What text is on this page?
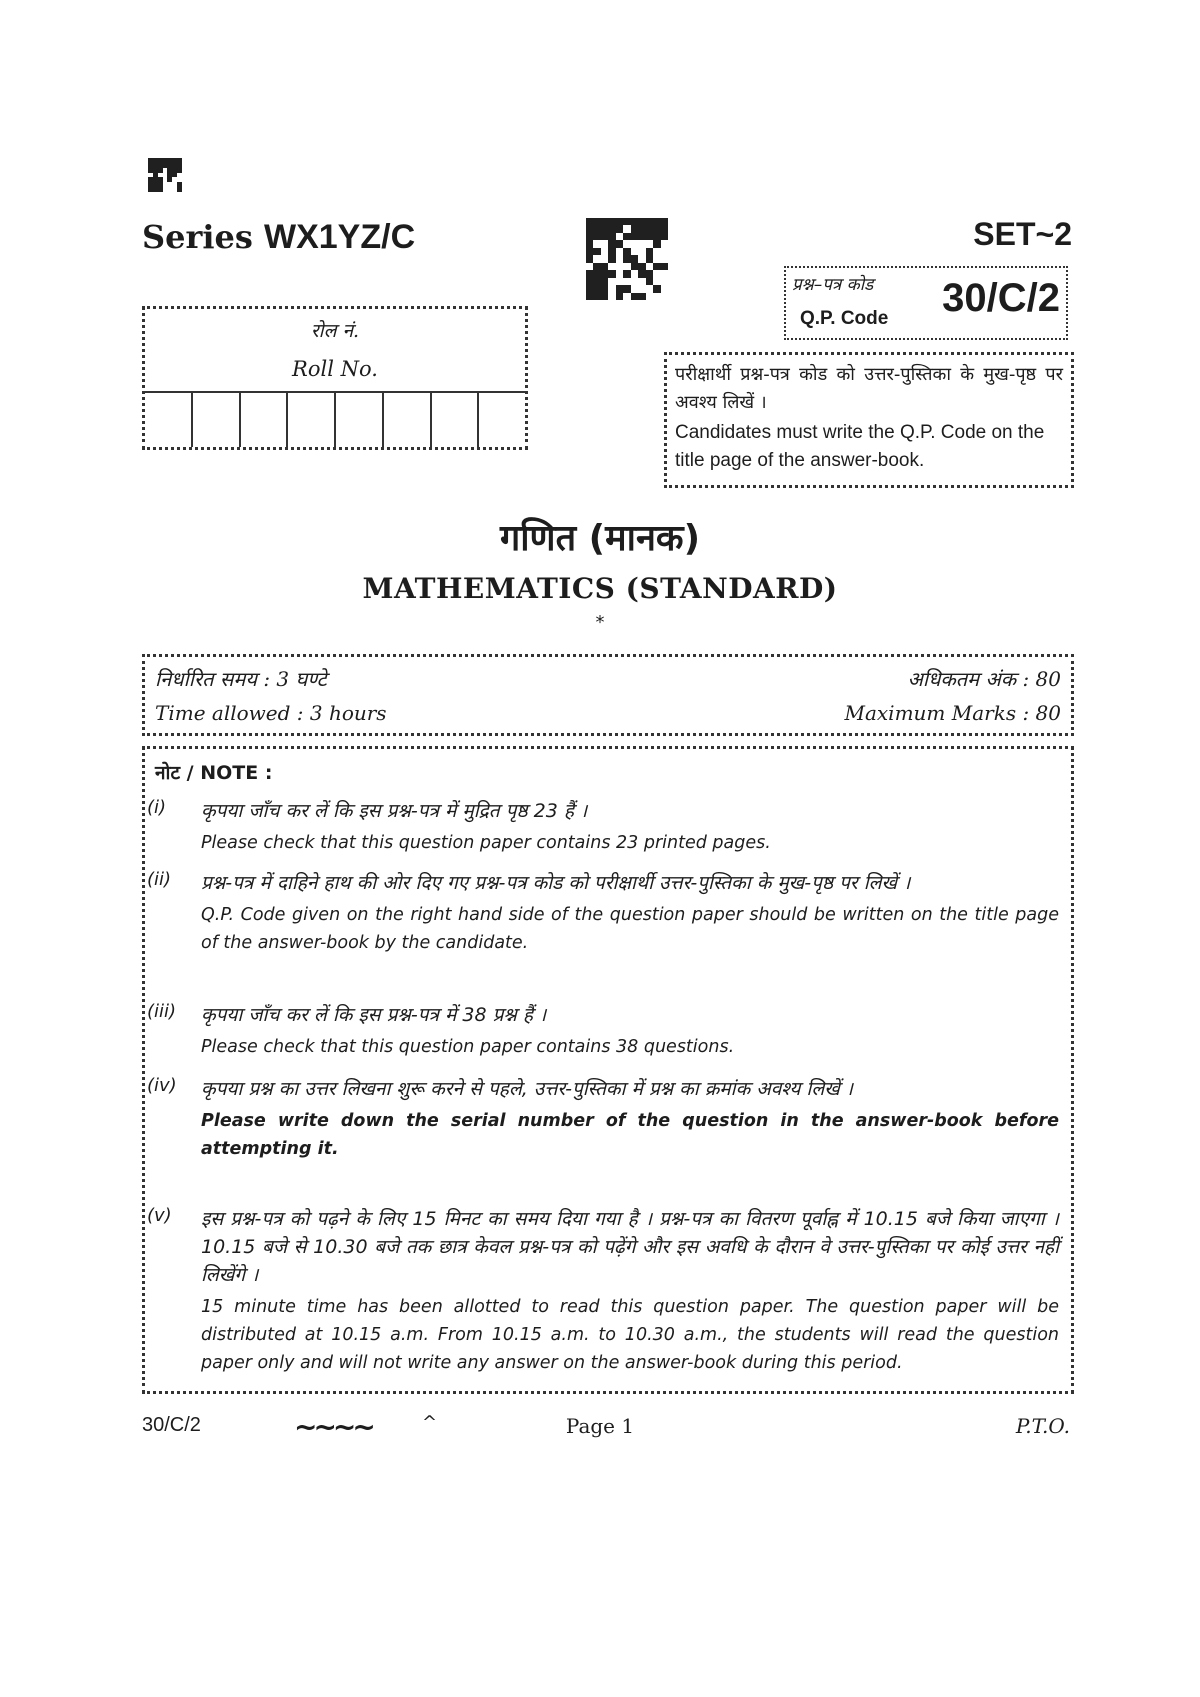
Series WX1YZ/C	SET~2
प्रश्न–पत्र कोड
Q.P. Code 30/C/2
रोल नं.
Roll No.	परीक्षार्थी प्रश्न-पत्र कोड को उत्तर-पुस्तिका के मुख-पृष्ठ पर अवश्य लिखें ।
Candidates must write the Q.P. Code on the title page of the answer-book.
गणित (मानक)
MATHEMATICS (STANDARD)
*
निर्धारित समय : 3 घण्टे	अधिकतम अंक : 80
Time allowed : 3 hours	Maximum Marks : 80
नोट / NOTE :
(i) कृपया जाँच कर लें कि इस प्रश्न-पत्र में मुद्रित पृष्ठ 23 हैं ।
Please check that this question paper contains 23 printed pages.
(ii) प्रश्न-पत्र में दाहिने हाथ की ओर दिए गए प्रश्न-पत्र कोड को परीक्षार्थी उत्तर-पुस्तिका के मुख-पृष्ठ पर लिखें ।
Q.P. Code given on the right hand side of the question paper should be written on the title page of the answer-book by the candidate.
(iii) कृपया जाँच कर लें कि इस प्रश्न-पत्र में 38 प्रश्न हैं ।
Please check that this question paper contains 38 questions.
(iv) कृपया प्रश्न का उत्तर लिखना शुरू करने से पहले, उत्तर-पुस्तिका में प्रश्न का क्रमांक अवश्य लिखें ।
Please write down the serial number of the question in the answer-book before attempting it.
(v) इस प्रश्न-पत्र को पढ़ने के लिए 15 मिनट का समय दिया गया है । प्रश्न-पत्र का वितरण पूर्वाह्न में 10.15 बजे किया जाएगा । 10.15 बजे से 10.30 बजे तक छात्र केवल प्रश्न-पत्र को पढ़ेंगे और इस अवधि के दौरान वे उत्तर-पुस्तिका पर कोई उत्तर नहीं लिखेंगे ।
15 minute time has been allotted to read this question paper. The question paper will be distributed at 10.15 a.m. From 10.15 a.m. to 10.30 a.m., the students will read the question paper only and will not write any answer on the answer-book during this period.
30/C/2	~~~~	^	Page 1	P.T.O.
